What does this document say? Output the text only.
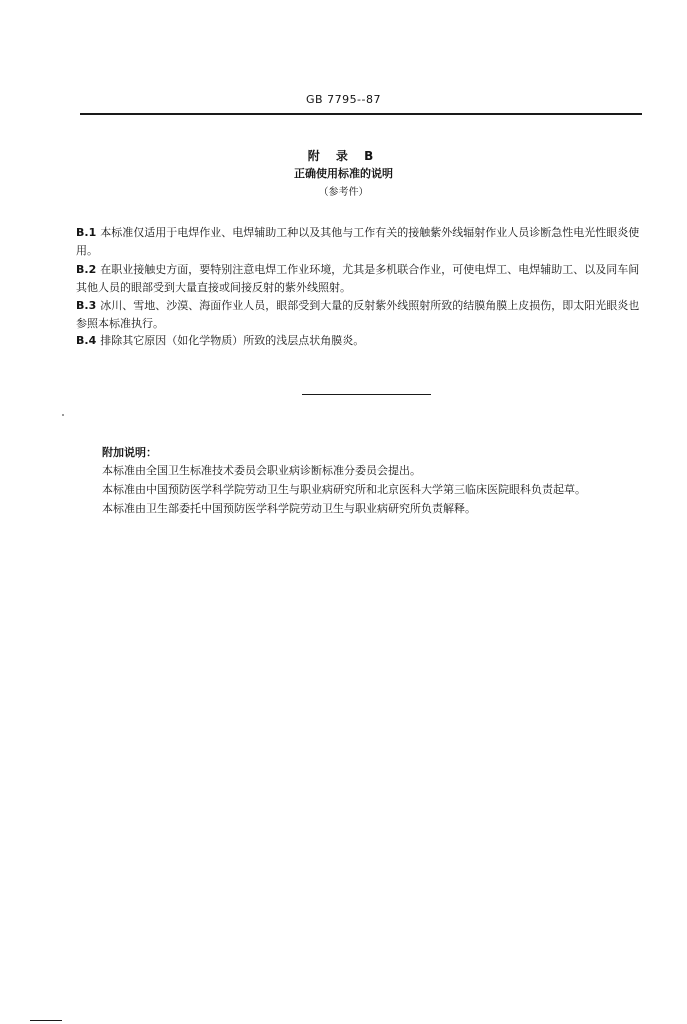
GB 7795--87
附 录 B
正确使用标准的说明
（参考件）
B.1 本标准仅适用于电焊作业、电焊辅助工种以及其他与工作有关的接触紫外线辐射作业人员诊断急性电光性眼炎使用。
B.2 在职业接触史方面，要特别注意电焊工作业环境，尤其是多机联合作业，可使电焊工、电焊辅助工、以及同车间其他人员的眼部受到大量直接或间接反射的紫外线照射。
B.3 冰川、雪地、沙漠、海面作业人员，眼部受到大量的反射紫外线照射所致的结膜角膜上皮损伤，即太阳光眼炎也参照本标准执行。
B.4 排除其它原因（如化学物质）所致的浅层点状角膜炎。
附加说明：

本标准由全国卫生标准技术委员会职业病诊断标准分委员会提出。

本标准由中国预防医学科学院劳动卫生与职业病研究所和北京医科大学第三临床医院眼科负责起草。

本标准由卫生部委托中国预防医学科学院劳动卫生与职业病研究所负责解释。
